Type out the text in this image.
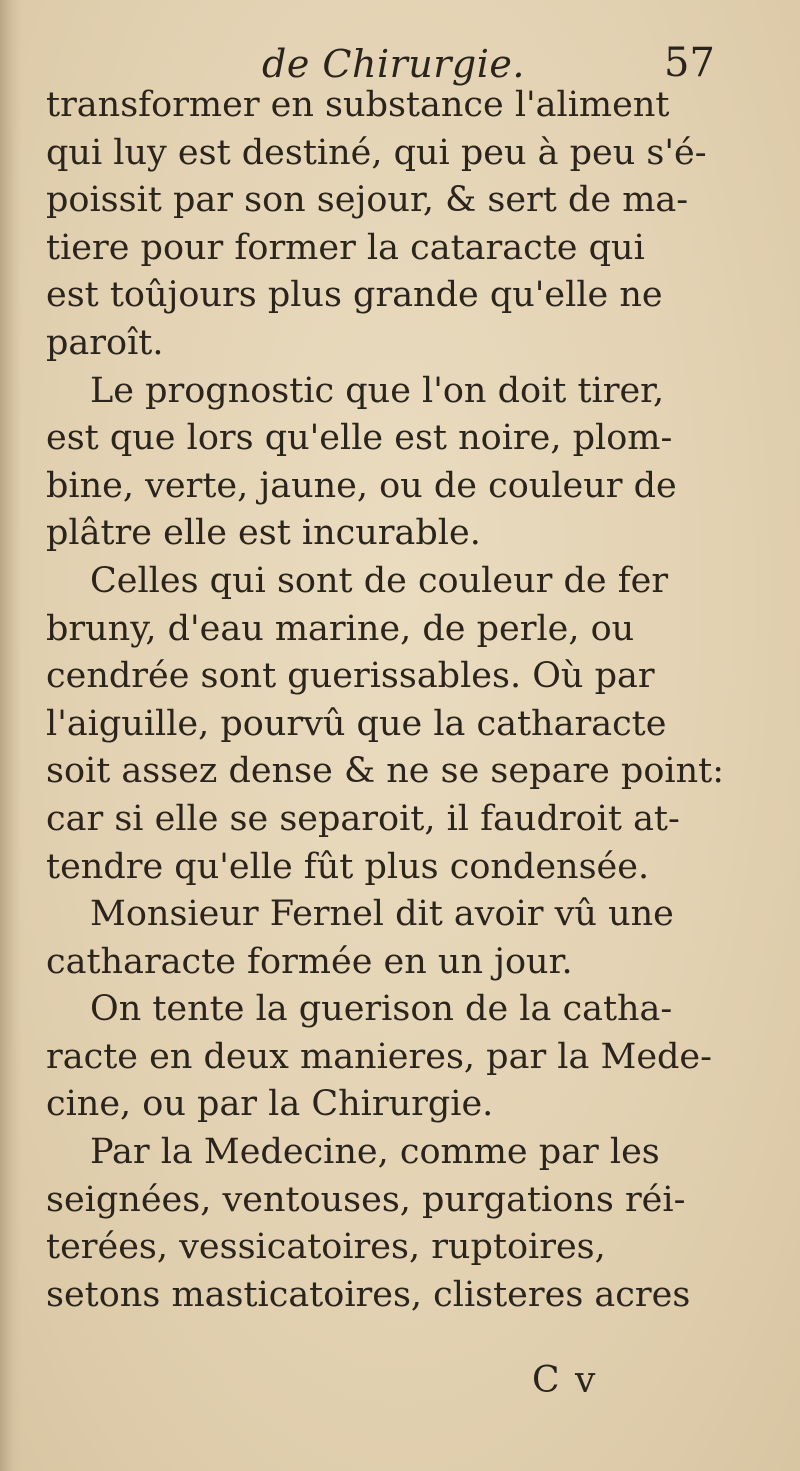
de Chirurgie.	57
transformer en substance l'aliment
qui luy est destiné, qui peu à peu s'é-
poissit par son sejour, & sert de ma-
tiere pour former la cataracte qui
est toûjours plus grande qu'elle ne
paroît.
Le prognostic que l'on doit tirer,
est que lors qu'elle est noire, plom-
bine, verte, jaune, ou de couleur de
plâtre elle est incurable.
Celles qui sont de couleur de fer
bruny, d'eau marine, de perle, ou
cendrée sont guerissables. Où par
l'aiguille, pourvû que la catharacte
soit assez dense & ne se separe point:
car si elle se separoit, il faudroit at-
tendre qu'elle fût plus condensée.
Monsieur Fernel dit avoir vû une
catharacte formée en un jour.
On tente la guerison de la catha-
racte en deux manieres, par la Mede-
cine, ou par la Chirurgie.
Par la Medecine, comme par les
seignées, ventouses, purgations réi-
terées, vessicatoires, ruptoires,
setons masticatoires, clisteres acres
C v
